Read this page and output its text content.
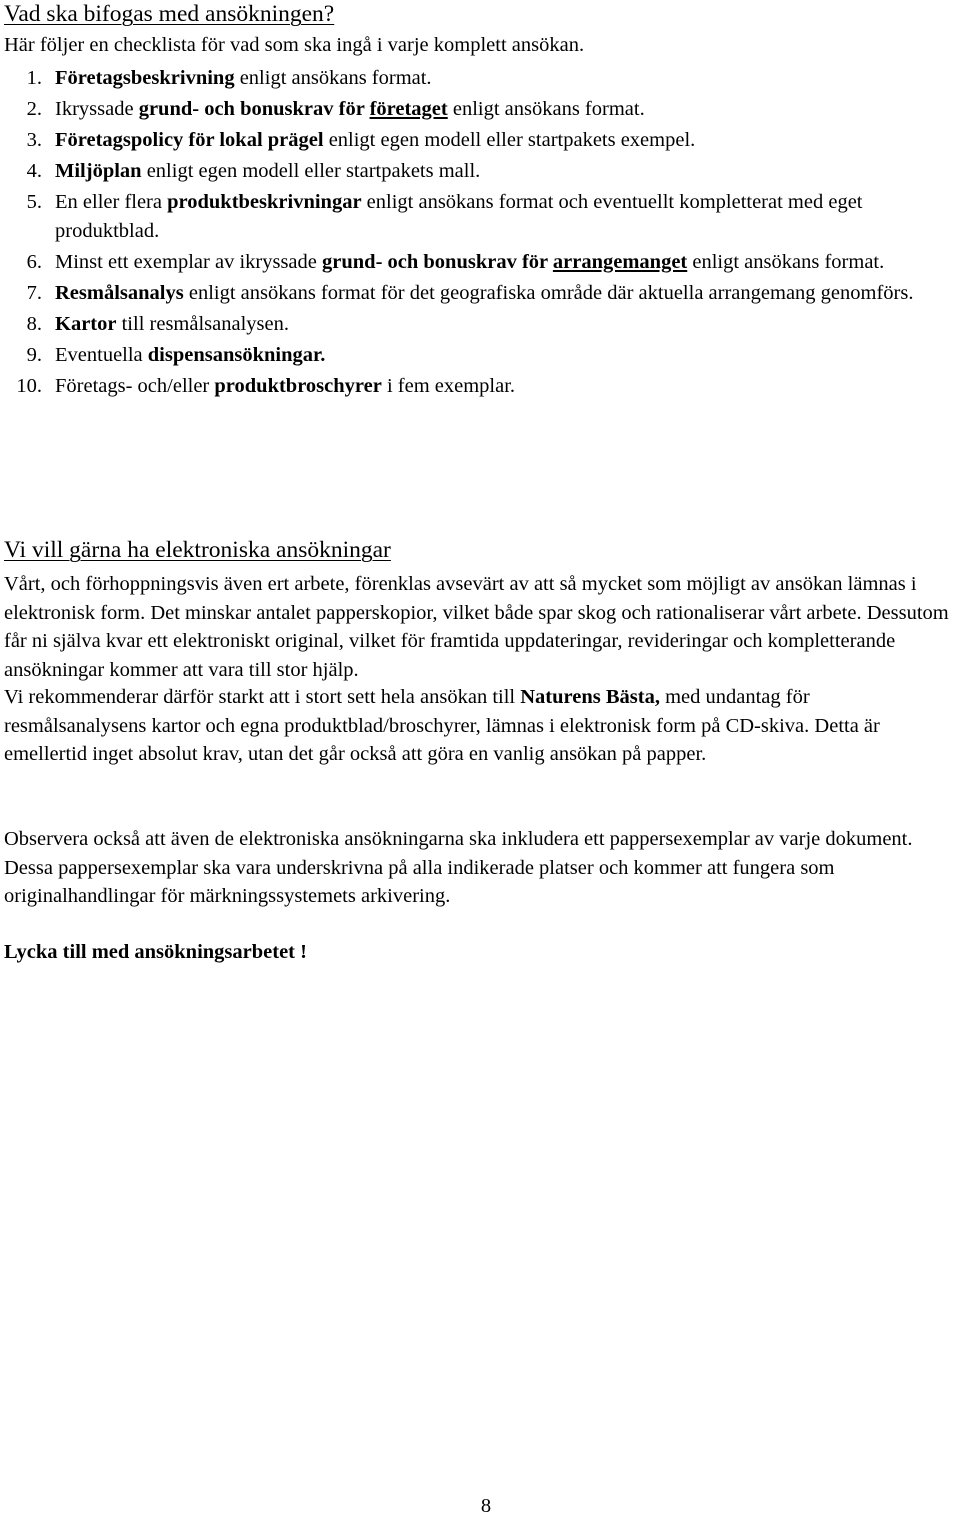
Vad ska bifogas med ansökningen?
Här följer en checklista för vad som ska ingå i varje komplett ansökan.
1 . Företagsbeskrivning enligt ansökans format.
2 . Ikryssade grund- och bonuskrav för företaget enligt ansökans format.
3 . Företagspolicy för lokal prägel enligt egen modell eller startpakets exempel.
4 . Miljöplan enligt egen modell eller startpakets mall.
5 . En eller flera produktbeskrivningar enligt ansökans format och eventuellt kompletterat med eget produktblad.
6 . Minst ett exemplar av ikryssade grund- och bonuskrav för arrangemanget enligt ansökans format.
7 . Resmålsanalys enligt ansökans format för det geografiska område där aktuella arrangemang genomförs.
8 . Kartor till resmålsanalysen.
9 . Eventuella dispensansökningar.
10 . Företags- och/eller produktbroschyrer i fem exemplar.
Vi vill gärna ha elektroniska ansökningar

Vårt, och förhoppningsvis även ert arbete, förenklas avsevärt av att så mycket som möjligt av ansökan lämnas i elektronisk form. Det minskar antalet papperskopior, vilket både spar skog och rationaliserar vårt arbete. Dessutom får ni själva kvar ett elektroniskt original, vilket för framtida uppdateringar, revideringar och kompletterande ansökningar kommer att vara till stor hjälp.

Vi rekommenderar därför starkt att i stort sett hela ansökan till Naturens Bästa, med undantag för resmålsanalysens kartor och egna produktblad/broschyrer, lämnas i elektronisk form på CD-skiva. Detta är emellertid inget absolut krav, utan det går också att göra en vanlig ansökan på papper.

Observera också att även de elektroniska ansökningarna ska inkludera ett pappersexemplar av varje dokument. Dessa pappersexemplar ska vara underskrivna på alla indikerade platser och kommer att fungera som originalhandlingar för märkningssystemets arkivering.

Lycka till med ansökningsarbetet !
8
